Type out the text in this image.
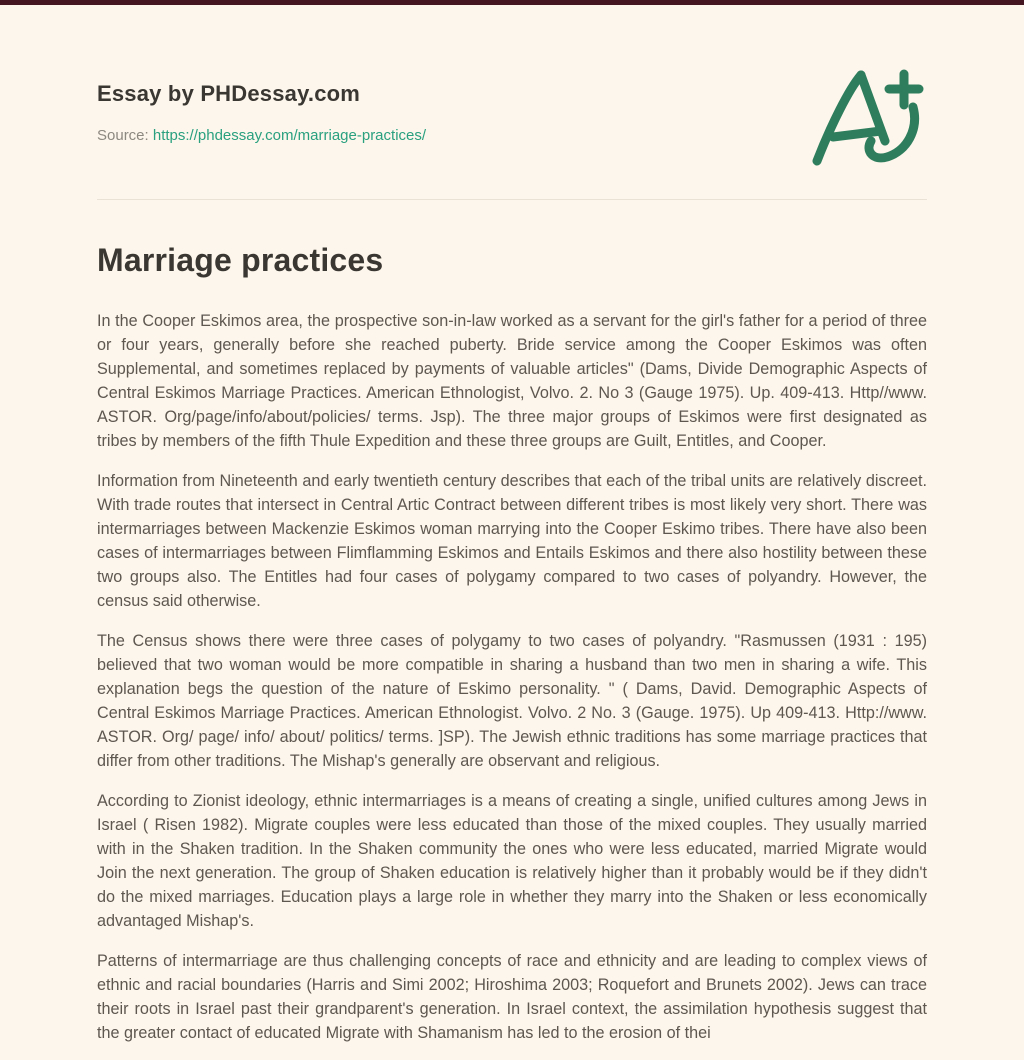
Essay by PHDessay.com
Source: https://phdessay.com/marriage-practices/
Marriage practices

In the Cooper Eskimos area, the prospective son-in-law worked as a servant for the girl's father for a period of three or four years, generally before she reached puberty. Bride service among the Cooper Eskimos was often Supplemental, and sometimes replaced by payments of valuable articles" (Dams, Divide Demographic Aspects of Central Eskimos Marriage Practices. American Ethnologist, Volvo. 2. No 3 (Gauge 1975). Up. 409-413. Http//www. ASTOR. Org/page/info/about/policies/ terms. Jsp). The three major groups of Eskimos were first designated as tribes by members of the fifth Thule Expedition and these three groups are Guilt, Entitles, and Cooper.

Information from Nineteenth and early twentieth century describes that each of the tribal units are relatively discreet. With trade routes that intersect in Central Artic Contract between different tribes is most likely very short. There was intermarriages between Mackenzie Eskimos woman marrying into the Cooper Eskimo tribes. There have also been cases of intermarriages between Flimflamming Eskimos and Entails Eskimos and there also hostility between these two groups also. The Entitles had four cases of polygamy compared to two cases of polyandry. However, the census said otherwise.

The Census shows there were three cases of polygamy to two cases of polyandry. "Rasmussen (1931 : 195) believed that two woman would be more compatible in sharing a husband than two men in sharing a wife. This explanation begs the question of the nature of Eskimo personality. " ( Dams, David. Demographic Aspects of Central Eskimos Marriage Practices. American Ethnologist. Volvo. 2 No. 3 (Gauge. 1975). Up 409-413. Http://www. ASTOR. Org/ page/ info/ about/ politics/ terms. ]SP). The Jewish ethnic traditions has some marriage practices that differ from other traditions. The Mishap's generally are observant and religious.

According to Zionist ideology, ethnic intermarriages is a means of creating a single, unified cultures among Jews in Israel ( Risen 1982). Migrate couples were less educated than those of the mixed couples. They usually married with in the Shaken tradition. In the Shaken community the ones who were less educated, married Migrate would Join the next generation. The group of Shaken education is relatively higher than it probably would be if they didn't do the mixed marriages. Education plays a large role in whether they marry into the Shaken or less economically advantaged Mishap's.

Patterns of intermarriage are thus challenging concepts of race and ethnicity and are leading to complex views of ethnic and racial boundaries (Harris and Simi 2002; Hiroshima 2003; Roquefort and Brunets 2002). Jews can trace their roots in Israel past their grandparent's generation. In Israel context, the assimilation hypothesis suggest that the greater contact of educated Migrate with Shamanism has led to the erosion of thei
